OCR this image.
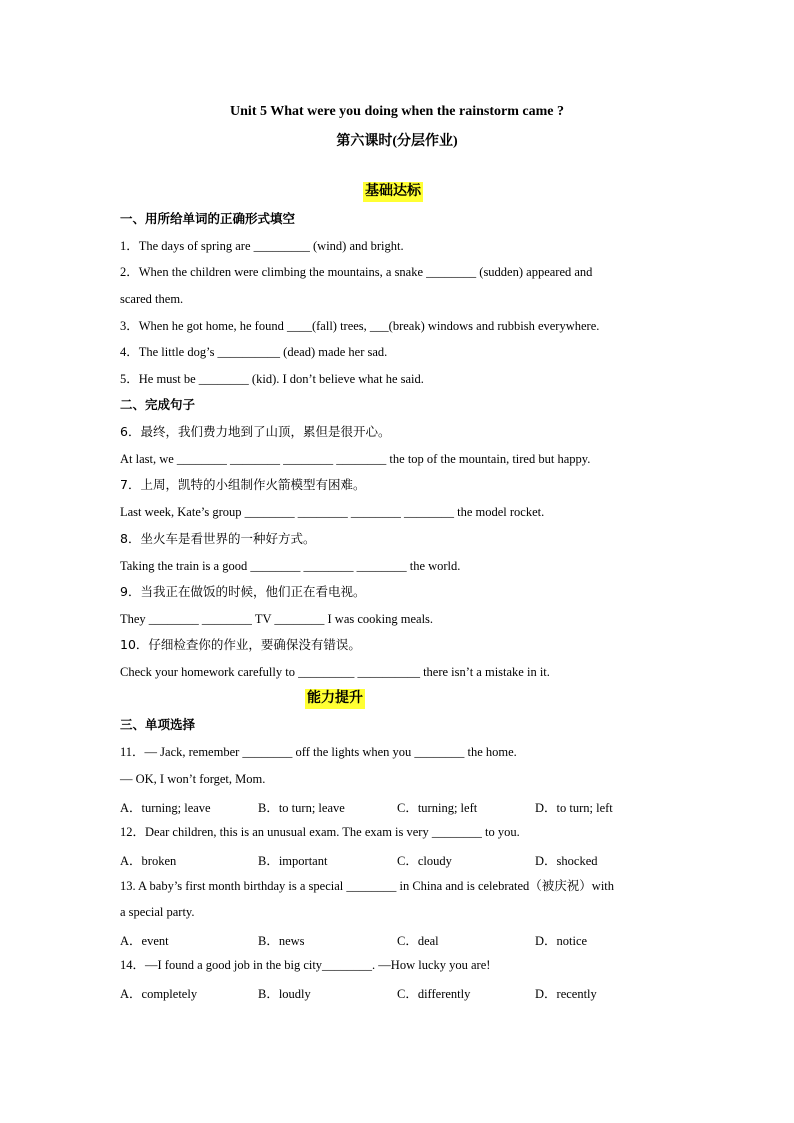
Unit 5 What were you doing when the rainstorm came ?
第六课时(分层作业)
基础达标
一、用所给单词的正确形式填空
1．The days of spring are _________ (wind) and bright.
2．When the children were climbing the mountains, a snake ________ (sudden) appeared and
scared them.
3．When he got home, he found ____(fall) trees, ___(break) windows and rubbish everywhere.
4．The little dog’s __________ (dead) made her sad.
5．He must be ________ (kid). I don’t believe what he said.
二、完成句子
6．最终，我们费力地到了山顶，累但是很开心。
At last, we ________ ________ ________ ________ the top of the mountain, tired but happy.
7．上周，凯特的小组制作火箭模型有困难。
Last week, Kate’s group ________ ________ ________ ________ the model rocket.
8．坐火车是看世界的一种好方式。
Taking the train is a good ________ ________ ________ the world.
9．当我正在做饭的时候，他们正在看电视。
They ________ ________ TV ________ I was cooking meals.
10．仔细检查你的作业，要确保没有错误。
Check your homework carefully to _________ __________ there isn’t a mistake in it.
能力提升
三、单项选择
11．— Jack, remember ________ off the lights when you ________ the home.
— OK, I won’t forget, Mom.
A．turning; leave	B．to turn; leave	C．turning; left	D．to turn; left
12．Dear children, this is an unusual exam. The exam is very ________ to you.
A．broken	B．important	C．cloudy	D．shocked
13. A baby’s first month birthday is a special ________ in China and is celebrated（被庆祝）with
a special party.
A．event	B．news	C．deal	D．notice
14．—I found a good job in the big city________. —How lucky you are!
A．completely	B．loudly	C．differently	D．recently
